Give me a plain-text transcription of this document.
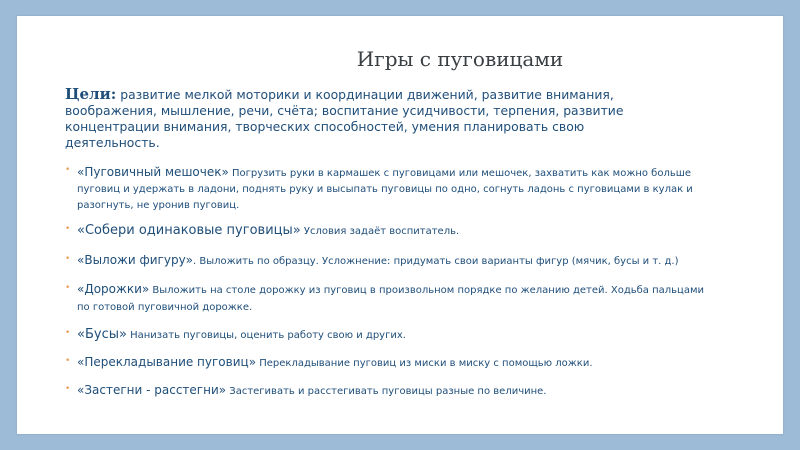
Игры с пуговицами
Цели: развитие мелкой моторики и координации движений, развитие внимания, воображения, мышление, речи, счёта; воспитание усидчивости, терпения, развитие концентрации внимания, творческих способностей, умения планировать свою деятельность.
• «Пуговичный мешочек» Погрузить руки в кармашек с пуговицами или мешочек, захватить как можно больше пуговиц и удержать в ладони, поднять руку и высыпать пуговицы по одно, согнуть ладонь с пуговицами в кулак и разогнуть, не уронив пуговиц.
• «Собери одинаковые пуговицы» Условия задаёт воспитатель.
• «Выложи фигуру». Выложить по образцу. Усложнение: придумать свои варианты фигур (мячик, бусы и т. д.)
• «Дорожки» Выложить на столе дорожку из пуговиц в произвольном порядке по желанию детей. Ходьба пальцами по готовой пуговичной дорожке.
• «Бусы» Нанизать пуговицы, оценить работу свою и других.
• «Перекладывание пуговиц» Перекладывание пуговиц из миски в миску с помощью ложки.
• «Застегни - расстегни» Застегивать и расстегивать пуговицы разные по величине.
